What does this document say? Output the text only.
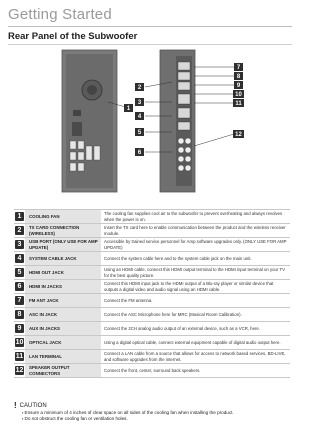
Getting Started
Rear Panel of the Subwoofer
1
2
3
4
5
6
7
8
9
10
11
12
1	COOLING FAN	The cooling fan supplies cool air to the subwoofer to prevent overheating and always revolves when the power is on.

2	TX CARD CONNECTION (WIRELESS)	Insert the TX card here to enable communication between the product and the wireless receiver module.

3	USB PORT (ONLY USE FOR AMP UPDATE)	Accessible by trained service personnel for Amp software upgrades only. (ONLY USE FOR AMP UPDATE)

4	SYSTEM CABLE JACK	Connect the system cable here and to the system cable jack on the main unit.

5	HDMI OUT JACK	Using an HDMI cable, connect this HDMI output terminal to the HDMI input terminal on your TV for the best quality picture.

6	HDMI IN JACKS	Connect this HDMI input jack to the HDMI output of a Blu-ray player or similar device that outputs a digital video and audio signal using an HDMI cable.

7	FM ANT JACK	Connect the FM antenna.

8	ASC IN JACK	Connect the ASC Microphone here for MRC (Musical Room Calibration).

9	AUX IN JACKS	Connect the 2CH analog audio output of an external device, such as a VCR, here.

10	OPTICAL JACK	Using a digital optical cable, connect external equipment capable of digital audio output here.

11	LAN TERMINAL	Connect a LAN cable from a source that allows for access to network based services, BD-LIVE, and software upgrades from the internet.

12	SPEAKER OUTPUT CONNECTORS	Connect the front, center, surround back speakers.
! CAUTION
▪ Ensure a minimum of 4 inches of clear space on all sides of the cooling fan when installing the product.
▪ Do not obstruct the cooling fan or ventilation holes.
